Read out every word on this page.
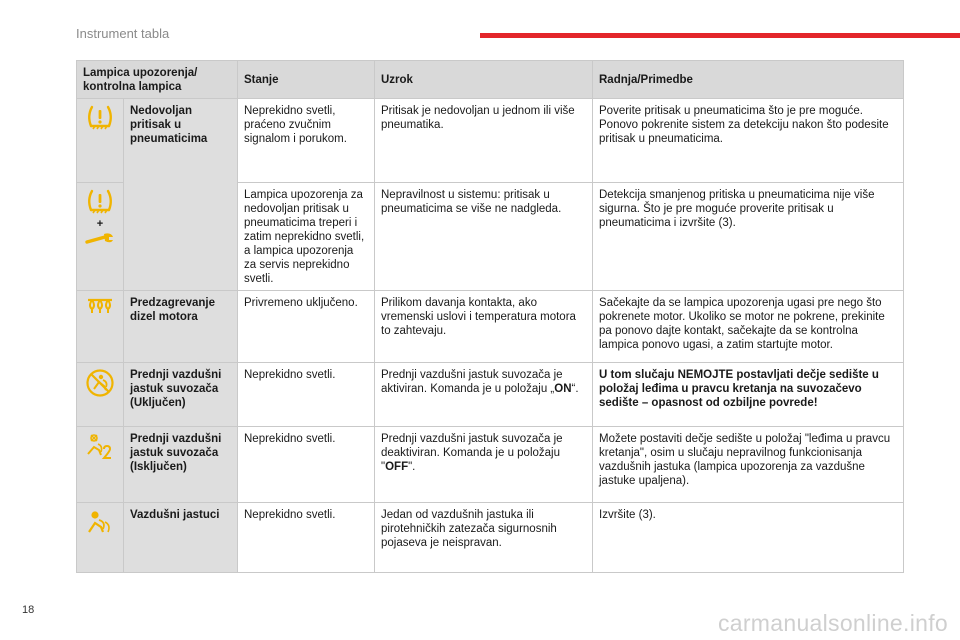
Instrument tabla
Lampica upozorenja/ kontrolna lampica		Stanje	Uzrok	Radnja/Primedbe

	Nedovoljan pritisak u pneumaticima	Neprekidno svetli, praćeno zvučnim signalom i porukom.	Pritisak je nedovoljan u jednom ili više pneumatika.	Poverite pritisak u pneumaticima što je pre moguće. Ponovo pokrenite sistem za detekciju nakon što podesite pritisak u pneumaticima.

+		Lampica upozorenja za nedovoljan pritisak u pneumaticima treperi i zatim neprekidno svetli, a lampica upozorenja za servis neprekidno svetli.	Nepravilnost u sistemu: pritisak u pneumaticima se više ne nadgleda.	Detekcija smanjenog pritiska u pneumaticima nije više sigurna. Što je pre moguće proverite pritisak u pneumaticima i izvršite (3).

	Predzagrevanje dizel motora	Privremeno uključeno.	Prilikom davanja kontakta, ako vremenski uslovi i temperatura motora to zahtevaju.	Sačekajte da se lampica upozorenja ugasi pre nego što pokrenete motor. Ukoliko se motor ne pokrene, prekinite pa ponovo dajte kontakt, sačekajte da se kontrolna lampica ponovo ugasi, a zatim startujte motor.

	Prednji vazdušni jastuk suvozača (Uključen)	Neprekidno svetli.	Prednji vazdušni jastuk suvozača je aktiviran. Komanda je u položaju „ON“.	U tom slučaju NEMOJTE postavljati dečje sedište u položaj leđima u pravcu kretanja na suvozačevo sedište – opasnost od ozbiljne povrede!

	Prednji vazdušni jastuk suvozača (Isključen)	Neprekidno svetli.	Prednji vazdušni jastuk suvozača je deaktiviran. Komanda je u položaju "OFF".	Možete postaviti dečje sedište u položaj "leđima u pravcu kretanja", osim u slučaju nepravilnog funkcionisanja vazdušnih jastuka (lampica upozorenja za vazdušne jastuke upaljena).

	Vazdušni jastuci	Neprekidno svetli.	Jedan od vazdušnih jastuka ili pirotehničkih zatezača sigurnosnih pojaseva je neispravan.	Izvršite (3).
18	carmanualsonline.info
